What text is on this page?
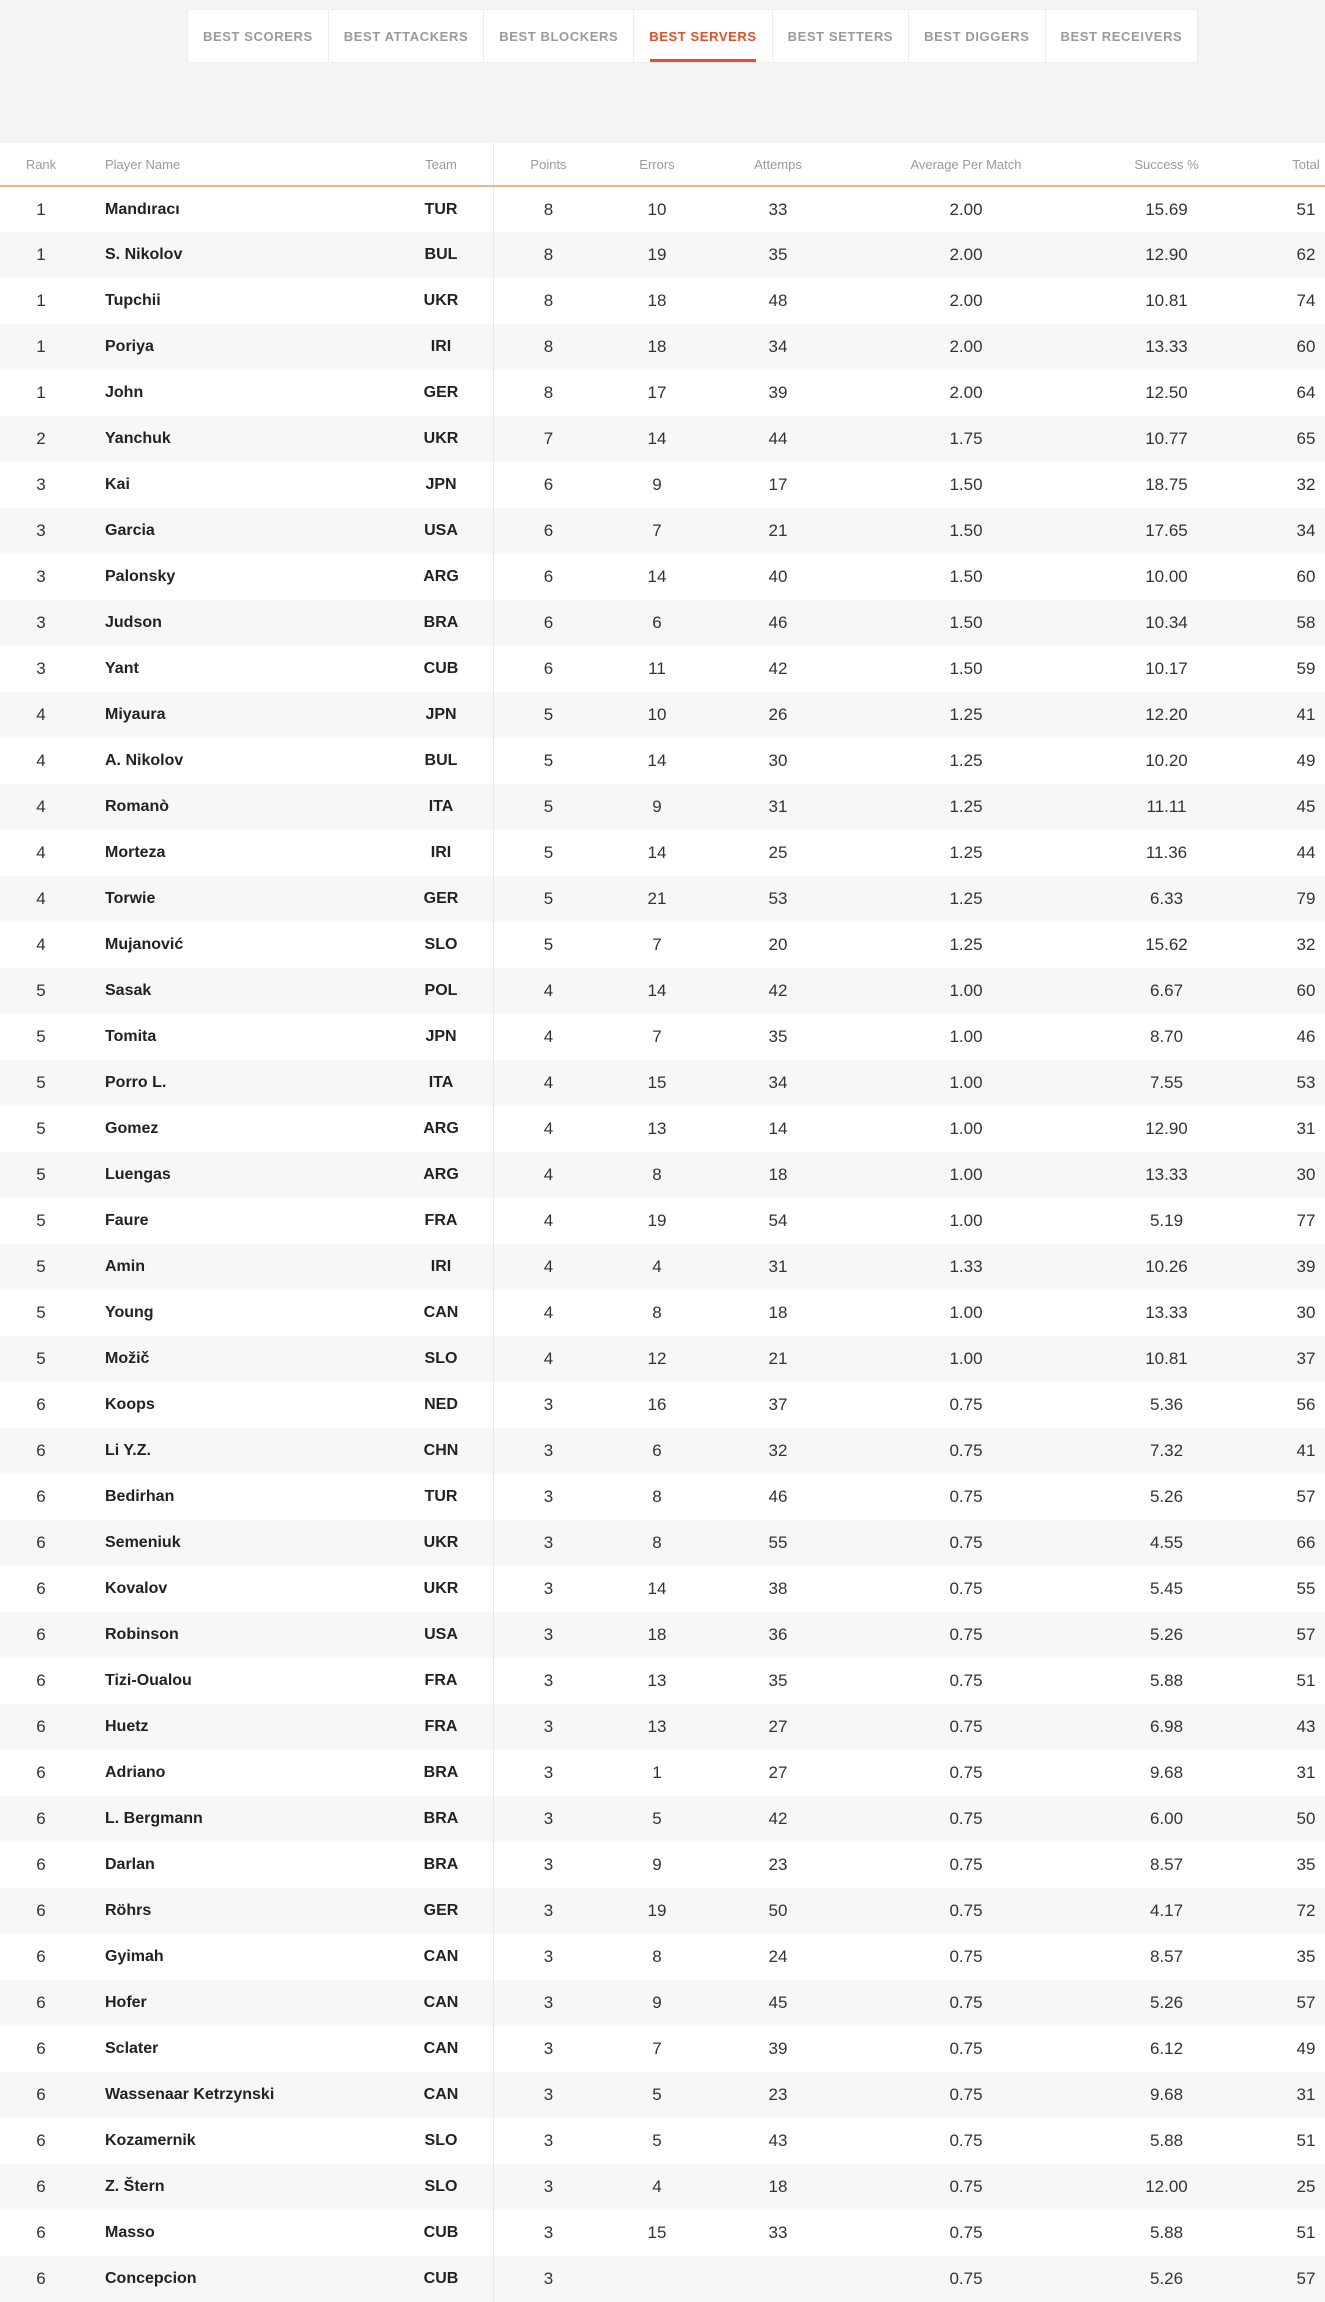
BEST SCORERS	BEST ATTACKERS	BEST BLOCKERS	BEST SERVERS	BEST SETTERS	BEST DIGGERS	BEST RECEIVERS
Rank	Player Name	Team	Points	Errors	Attemps	Average Per Match	Success %	Total
1	Mandıracı	TUR	8	10	33	2.00	15.69	51
1	S. Nikolov	BUL	8	19	35	2.00	12.90	62
1	Tupchii	UKR	8	18	48	2.00	10.81	74
1	Poriya	IRI	8	18	34	2.00	13.33	60
1	John	GER	8	17	39	2.00	12.50	64
2	Yanchuk	UKR	7	14	44	1.75	10.77	65
3	Kai	JPN	6	9	17	1.50	18.75	32
3	Garcia	USA	6	7	21	1.50	17.65	34
3	Palonsky	ARG	6	14	40	1.50	10.00	60
3	Judson	BRA	6	6	46	1.50	10.34	58
3	Yant	CUB	6	11	42	1.50	10.17	59
4	Miyaura	JPN	5	10	26	1.25	12.20	41
4	A. Nikolov	BUL	5	14	30	1.25	10.20	49
4	Romanò	ITA	5	9	31	1.25	11.11	45
4	Morteza	IRI	5	14	25	1.25	11.36	44
4	Torwie	GER	5	21	53	1.25	6.33	79
4	Mujanović	SLO	5	7	20	1.25	15.62	32
5	Sasak	POL	4	14	42	1.00	6.67	60
5	Tomita	JPN	4	7	35	1.00	8.70	46
5	Porro L.	ITA	4	15	34	1.00	7.55	53
5	Gomez	ARG	4	13	14	1.00	12.90	31
5	Luengas	ARG	4	8	18	1.00	13.33	30
5	Faure	FRA	4	19	54	1.00	5.19	77
5	Amin	IRI	4	4	31	1.33	10.26	39
5	Young	CAN	4	8	18	1.00	13.33	30
5	Možič	SLO	4	12	21	1.00	10.81	37
6	Koops	NED	3	16	37	0.75	5.36	56
6	Li Y.Z.	CHN	3	6	32	0.75	7.32	41
6	Bedirhan	TUR	3	8	46	0.75	5.26	57
6	Semeniuk	UKR	3	8	55	0.75	4.55	66
6	Kovalov	UKR	3	14	38	0.75	5.45	55
6	Robinson	USA	3	18	36	0.75	5.26	57
6	Tizi-Oualou	FRA	3	13	35	0.75	5.88	51
6	Huetz	FRA	3	13	27	0.75	6.98	43
6	Adriano	BRA	3	1	27	0.75	9.68	31
6	L. Bergmann	BRA	3	5	42	0.75	6.00	50
6	Darlan	BRA	3	9	23	0.75	8.57	35
6	Röhrs	GER	3	19	50	0.75	4.17	72
6	Gyimah	CAN	3	8	24	0.75	8.57	35
6	Hofer	CAN	3	9	45	0.75	5.26	57
6	Sclater	CAN	3	7	39	0.75	6.12	49
6	Wassenaar Ketrzynski	CAN	3	5	23	0.75	9.68	31
6	Kozamernik	SLO	3	5	43	0.75	5.88	51
6	Z. Štern	SLO	3	4	18	0.75	12.00	25
6	Masso	CUB	3	15	33	0.75	5.88	51
6	Concepcion	CUB	3			0.75	5.26	57
